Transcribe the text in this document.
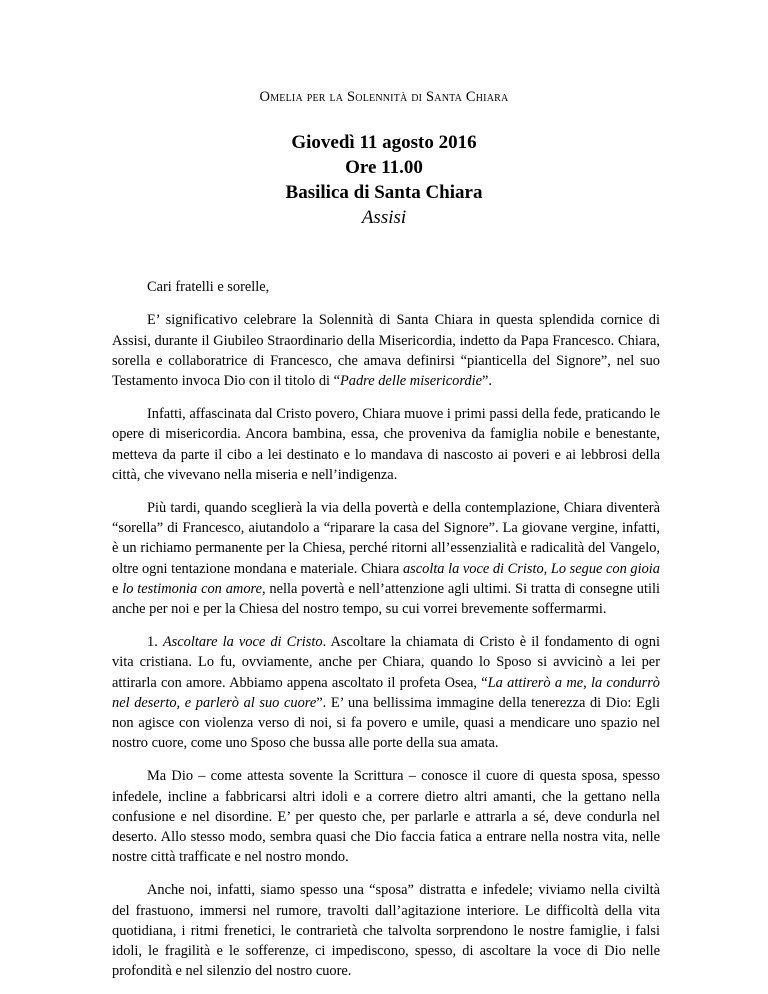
Omelia per la Solennità di Santa Chiara
Giovedì 11 agosto 2016
Ore 11.00
Basilica di Santa Chiara
Assisi

Cari fratelli e sorelle,

E’ significativo celebrare la Solennità di Santa Chiara in questa splendida cornice di Assisi, durante il Giubileo Straordinario della Misericordia, indetto da Papa Francesco. Chiara, sorella e collaboratrice di Francesco, che amava definirsi “pianticella del Signore”, nel suo Testamento invoca Dio con il titolo di “Padre delle misericordie”.

Infatti, affascinata dal Cristo povero, Chiara muove i primi passi della fede, praticando le opere di misericordia. Ancora bambina, essa, che proveniva da famiglia nobile e benestante, metteva da parte il cibo a lei destinato e lo mandava di nascosto ai poveri e ai lebbrosi della città, che vivevano nella miseria e nell’indigenza.

Più tardi, quando sceglierà la via della povertà e della contemplazione, Chiara diventerà “sorella” di Francesco, aiutandolo a “riparare la casa del Signore”. La giovane vergine, infatti, è un richiamo permanente per la Chiesa, perché ritorni all’essenzialità e radicalità del Vangelo, oltre ogni tentazione mondana e materiale. Chiara ascolta la voce di Cristo, Lo segue con gioia e lo testimonia con amore, nella povertà e nell’attenzione agli ultimi. Si tratta di consegne utili anche per noi e per la Chiesa del nostro tempo, su cui vorrei brevemente soffermarmi.

1. Ascoltare la voce di Cristo. Ascoltare la chiamata di Cristo è il fondamento di ogni vita cristiana. Lo fu, ovviamente, anche per Chiara, quando lo Sposo si avvicinò a lei per attirarla con amore. Abbiamo appena ascoltato il profeta Osea, “La attirerò a me, la condurrò nel deserto, e parlerò al suo cuore”. E’ una bellissima immagine della tenerezza di Dio: Egli non agisce con violenza verso di noi, si fa povero e umile, quasi a mendicare uno spazio nel nostro cuore, come uno Sposo che bussa alle porte della sua amata.

Ma Dio – come attesta sovente la Scrittura – conosce il cuore di questa sposa, spesso infedele, incline a fabbricarsi altri idoli e a correre dietro altri amanti, che la gettano nella confusione e nel disordine. E’ per questo che, per parlarle e attrarla a sé, deve condurla nel deserto. Allo stesso modo, sembra quasi che Dio faccia fatica a entrare nella nostra vita, nelle nostre città trafficate e nel nostro mondo.

Anche noi, infatti, siamo spesso una “sposa” distratta e infedele; viviamo nella civiltà del frastuono, immersi nel rumore, travolti dall’agitazione interiore. Le difficoltà della vita quotidiana, i ritmi frenetici, le contrarietà che talvolta sorprendono le nostre famiglie, i falsi idoli, le fragilità e le sofferenze, ci impediscono, spesso, di ascoltare la voce di Dio nelle profondità e nel silenzio del nostro cuore.
